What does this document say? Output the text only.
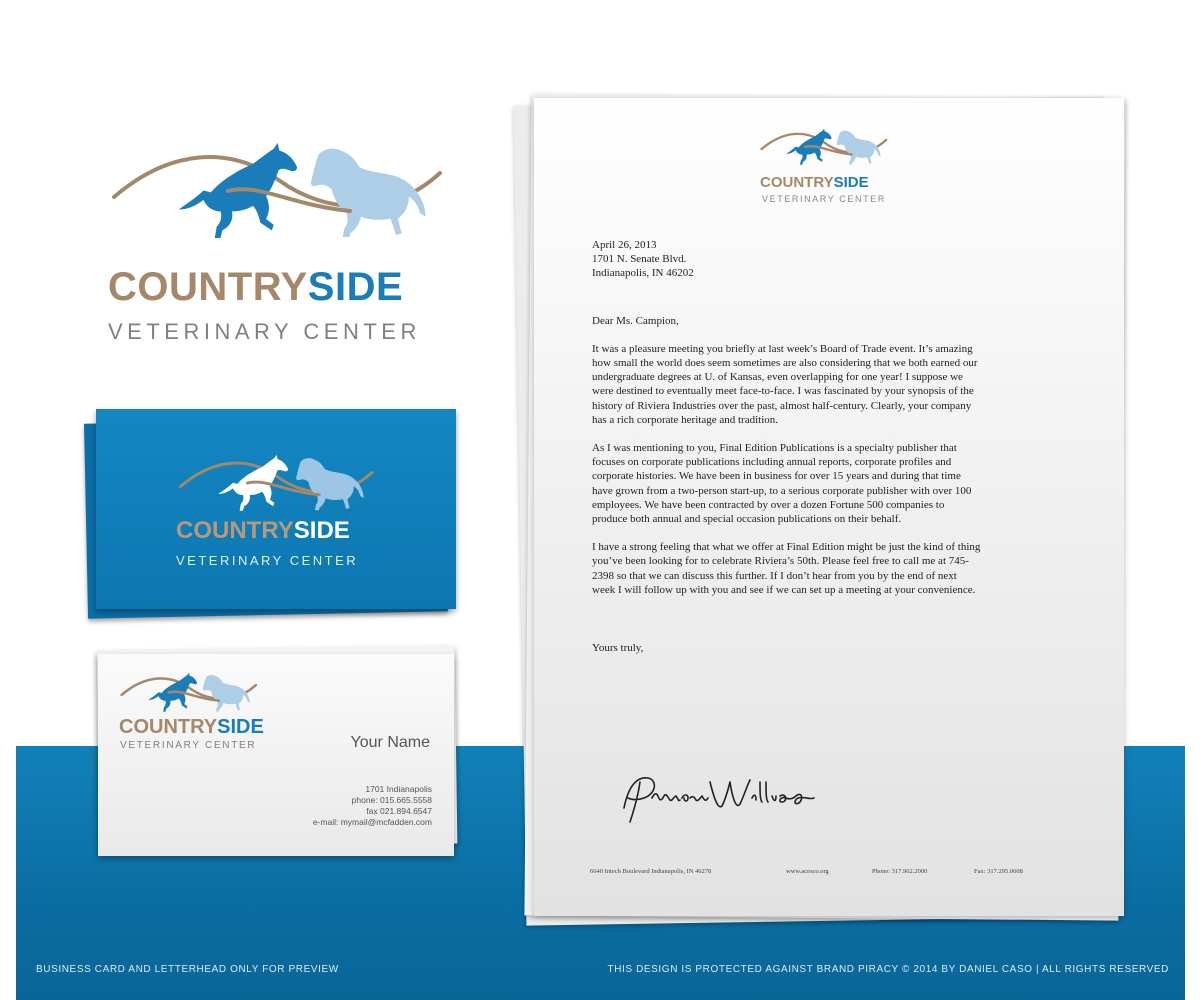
COUNTRYSIDE
VETERINARY CENTER
COUNTRYSIDE
VETERINARY CENTER
BUSINESS CARD AND LETTERHEAD ONLY FOR PREVIEW	THIS DESIGN IS PROTECTED AGAINST BRAND PIRACY © 2014 BY DANIEL CASO | ALL RIGHTS RESERVED
COUNTRYSIDE
VETERINARY CENTER	Your Name
1701 Indianapolis
phone: 015.665.5558
fax 021.894.6547
e-mail: mymail@mcfadden.com
COUNTRYSIDE
VETERINARY CENTER
April 26, 2013
1701 N. Senate Blvd.
Indianapolis, IN 46202

Dear Ms. Campion,

It was a pleasure meeting you briefly at last week’s Board of Trade event. It’s amazing how small the world does seem sometimes are also considering that we both earned our undergraduate degrees at U. of Kansas, even overlapping for one year! I suppose we were destined to eventually meet face-to-face. I was fascinated by your synopsis of the history of Riviera Industries over the past, almost half-century. Clearly, your company has a rich corporate heritage and tradition.

As I was mentioning to you, Final Edition Publications is a specialty publisher that focuses on corporate publications including annual reports, corporate profiles and corporate histories. We have been in business for over 15 years and during that time have grown from a two-person start-up, to a serious corporate publisher with over 100 employees. We have been contracted by over a dozen Fortune 500 companies to produce both annual and special occasion publications on their behalf.

I have a strong feeling that what we offer at Final Edition might be just the kind of thing you’ve been looking for to celebrate Riviera’s 50th. Please feel free to call me at 745-2398 so that we can discuss this further. If I don’t hear from you by the end of next week I will follow up with you and see if we can set up a meeting at your convenience.

Yours truly,

6640 Intech Boulevard Indianapolis, IN 46278	www.acesco.org	Phone: 317.962.2000	Fax: 317.295.0608
